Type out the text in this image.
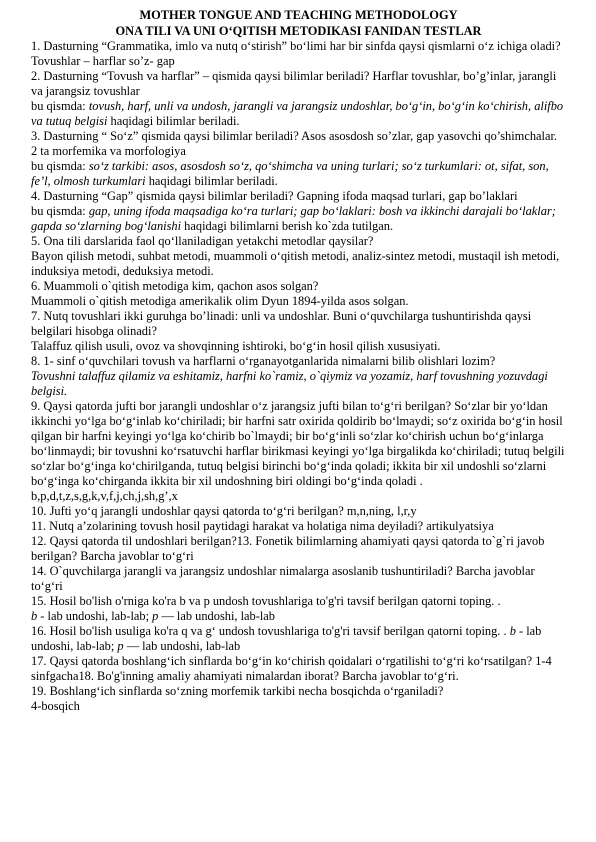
MOTHER TONGUE AND TEACHING METHODOLOGY
ONA TILI VA UNI O‘QITISH METODIKASI FANIDAN TESTLAR

1. Dasturning “Grammatika, imlo va nutq o‘stirish” bo‘limi har bir sinfda qaysi qismlarni o‘z ichiga oladi? Tovushlar – harflar so’z- gap

2. Dasturning “Tovush va harflar” – qismida qaysi bilimlar beriladi? Harflar tovushlar, bo’g’inlar, jarangli va jarangsiz tovushlar

bu qismda: tovush, harf, unli va undosh, jarangli va jarangsiz undoshlar, bo‘g‘in, bo‘g‘in ko‘chirish, alifbo va tutuq belgisi haqidagi bilimlar beriladi.

3. Dasturning “ So‘z” qismida qaysi bilimlar beriladi? Asos asosdosh so’zlar, gap yasovchi qo’shimchalar. 2 ta morfemika va morfologiya

bu qismda: so‘z tarkibi: asos, asosdosh so‘z, qo‘shimcha va uning turlari; so‘z turkumlari: ot, sifat, son, fe’l, olmosh turkumlari haqidagi bilimlar beriladi.

4. Dasturning “Gap” qismida qaysi bilimlar beriladi? Gapning ifoda maqsad turlari, gap bo’laklari

bu qismda: gap, uning ifoda maqsadiga ko‘ra turlari; gap bo‘laklari: bosh va ikkinchi darajali bo‘laklar; gapda so‘zlarning bog‘lanishi haqidagi bilimlarni berish ko`zda tutilgan.

5. Ona tili darslarida faol qo‘llaniladigan yetakchi metodlar qaysilar?

Bayon qilish metodi, suhbat metodi, muammoli o‘qitish metodi, analiz-sintez metodi, mustaqil ish metodi, induksiya metodi, deduksiya metodi.

6. Muammoli o`qitish metodiga kim, qachon asos solgan?

Muammoli o`qitish metodiga amerikalik olim Dyun 1894-yilda asos solgan.

7. Nutq tovushlari ikki guruhga bo’linadi: unli va undoshlar. Buni o‘quvchilarga tushuntirishda qaysi belgilari hisobga olinadi?

Talaffuz qilish usuli, ovoz va shovqinning ishtiroki, bo‘g‘in hosil qilish xususiyati.

8. 1- sinf o‘quvchilari tovush va harflarni o‘rganayotganlarida nimalarni bilib olishlari lozim?

Tovushni talaffuz qilamiz va eshitamiz, harfni ko`ramiz, o`qiymiz va yozamiz, harf tovushning yozuvdagi belgisi.

9. Qaysi qatorda jufti bor jarangli undoshlar o‘z jarangsiz jufti bilan to‘g‘ri berilgan? So‘zlar bir yo‘ldan ikkinchi yo‘lga bo‘g‘inlab ko‘chiriladi; bir harfni satr oxirida qoldirib bo‘lmaydi; so‘z oxirida bo‘g‘in hosil qilgan bir harfni keyingi yo‘lga ko‘chirib bo`lmaydi; bir bo‘g‘inli so‘zlar ko‘chirish uchun bo‘g‘inlarga bo‘linmaydi; bir tovushni ko‘rsatuvchi harflar birikmasi keyingi yo‘lga birgalikda ko‘chiriladi; tutuq belgili so‘zlar bo‘g‘inga ko‘chirilganda, tutuq belgisi birinchi bo‘g‘inda qoladi; ikkita bir xil undoshli so‘zlarni bo‘g‘inga ko‘chirganda ikkita bir xil undoshning biri oldingi bo‘g‘inda qoladi . b,p,d,t,z,s,g,k,v,f,j,ch,j,sh,g’,x

10. Jufti yo‘q jarangli undoshlar qaysi qatorda to‘g‘ri berilgan? m,n,ning, l,r,y

11. Nutq a’zolarining tovush hosil paytidagi harakat va holatiga nima deyiladi? artikulyatsiya

12. Qaysi qatorda til undoshlari berilgan?13. Fonetik bilimlarning ahamiyati qaysi qatorda to`g`ri javob berilgan? Barcha javoblar to‘g‘ri

14. O`quvchilarga jarangli va jarangsiz undoshlar nimalarga asoslanib tushuntiriladi? Barcha javoblar to‘g‘ri

15. Hosil bo'lish o'rniga ko'ra b va p undosh tovushlariga to'g'ri tavsif berilgan qatorni toping. .

b - lab undoshi, lab-lab; p — lab undoshi, lab-lab

16. Hosil bo'lish usuliga ko'ra q va g‘ undosh tovushlariga to'g'ri tavsif berilgan qatorni toping. . b - lab undoshi, lab-lab; p — lab undoshi, lab-lab

17. Qaysi qatorda boshlang‘ich sinflarda bo‘g‘in ko‘chirish qoidalari o‘rgatilishi to‘g‘ri ko‘rsatilgan? 1-4 sinfgacha18. Bo'g'inning amaliy ahamiyati nimalardan iborat? Barcha javoblar to‘g‘ri.

19. Boshlang‘ich sinflarda so‘zning morfemik tarkibi necha bosqichda o‘rganiladi?

4-bosqich
